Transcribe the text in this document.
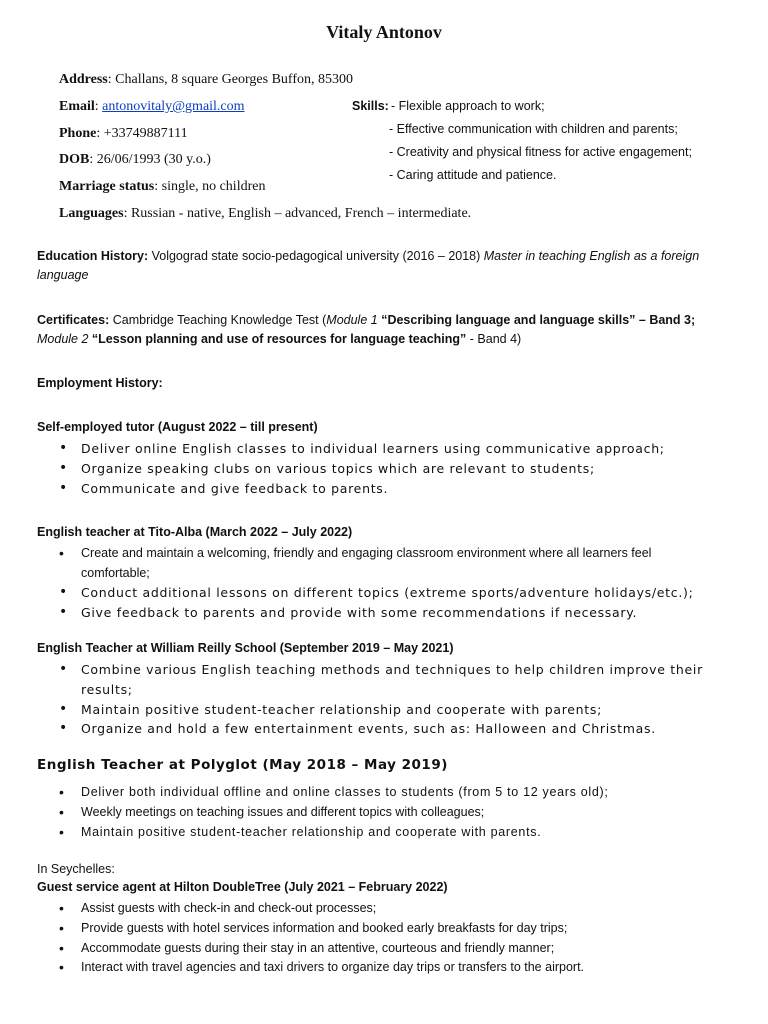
Vitaly Antonov
Address: Challans, 8 square Georges Buffon, 85300
Email: antonovitaly@gmail.com
Phone: +33749887111
DOB: 26/06/1993 (30 y.o.)
Marriage status: single, no children
Languages: Russian - native, English – advanced, French – intermediate.
Skills: - Flexible approach to work;
- Effective communication with children and parents;
- Creativity and physical fitness for active engagement;
- Caring attitude and patience.
Education History: Volgograd state socio-pedagogical university (2016 – 2018) Master in teaching English as a foreign language
Certificates: Cambridge Teaching Knowledge Test (Module 1 “Describing language and language skills” – Band 3;
Module 2 “Lesson planning and use of resources for language teaching” - Band 4)
Employment History:
Self-employed tutor (August 2022 – till present)
• Deliver online English classes to individual learners using communicative approach;
• Organize speaking clubs on various topics which are relevant to students;
• Communicate and give feedback to parents.
English teacher at Tito-Alba (March 2022 – July 2022)
• Create and maintain a welcoming, friendly and engaging classroom environment where all learners feel comfortable;
• Conduct additional lessons on different topics (extreme sports/adventure holidays/etc.);
• Give feedback to parents and provide with some recommendations if necessary.
English Teacher at William Reilly School (September 2019 – May 2021)
• Combine various English teaching methods and techniques to help children improve their results;
• Maintain positive student-teacher relationship and cooperate with parents;
• Organize and hold a few entertainment events, such as: Halloween and Christmas.
English Teacher at Polyglot (May 2018 – May 2019)
• Deliver both individual offline and online classes to students (from 5 to 12 years old);
• Weekly meetings on teaching issues and different topics with colleagues;
• Maintain positive student-teacher relationship and cooperate with parents.
In Seychelles:
Guest service agent at Hilton DoubleTree (July 2021 – February 2022)
• Assist guests with check-in and check-out processes;
• Provide guests with hotel services information and booked early breakfasts for day trips;
• Accommodate guests during their stay in an attentive, courteous and friendly manner;
• Interact with travel agencies and taxi drivers to organize day trips or transfers to the airport.
